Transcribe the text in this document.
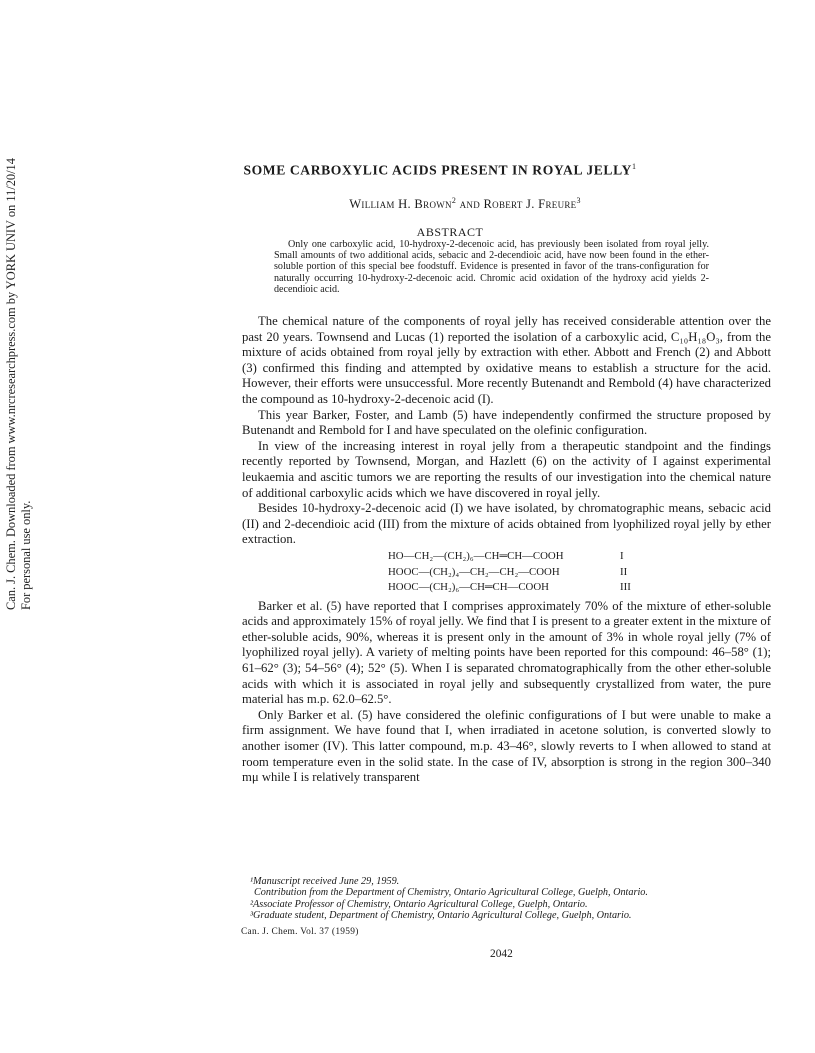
Can. J. Chem. Downloaded from www.nrcresearchpress.com by YORK UNIV on 11/20/14 For personal use only.
SOME CARBOXYLIC ACIDS PRESENT IN ROYAL JELLY$^1$
William H. Brown$^2$ and Robert J. Freure$^3$
ABSTRACT
Only one carboxylic acid, 10-hydroxy-2-decenoic acid, has previously been isolated from royal jelly. Small amounts of two additional acids, sebacic and 2-decendioic acid, have now been found in the ether-soluble portion of this special bee foodstuff. Evidence is presented in favor of the trans-configuration for naturally occurring 10-hydroxy-2-decenoic acid. Chromic acid oxidation of the hydroxy acid yields 2-decendioic acid.

The chemical nature of the components of royal jelly has received considerable attention over the past 20 years. Townsend and Lucas (1) reported the isolation of a carboxylic acid, C₁₀H₁₈O₃, from the mixture of acids obtained from royal jelly by extraction with ether. Abbott and French (2) and Abbott (3) confirmed this finding and attempted by oxidative means to establish a structure for the acid. However, their efforts were unsuccessful. More recently Butenandt and Rembold (4) have characterized the compound as 10-hydroxy-2-decenoic acid (I).

This year Barker, Foster, and Lamb (5) have independently confirmed the structure proposed by Butenandt and Rembold for I and have speculated on the olefinic configuration.

In view of the increasing interest in royal jelly from a therapeutic standpoint and the findings recently reported by Townsend, Morgan, and Hazlett (6) on the activity of I against experimental leukaemia and ascitic tumors we are reporting the results of our investigation into the chemical nature of additional carboxylic acids which we have discovered in royal jelly.

Besides 10-hydroxy-2-decenoic acid (I) we have isolated, by chromatographic means, sebacic acid (II) and 2-decendioic acid (III) from the mixture of acids obtained from lyophilized royal jelly by ether extraction.

HO—CH₂—(CH₂)₆—CH═CH—COOH	I
HOOC—(CH₂)₄—CH₂—CH₂—COOH	II
HOOC—(CH₂)₆—CH═CH—COOH	III

Barker et al. (5) have reported that I comprises approximately 70% of the mixture of ether-soluble acids and approximately 15% of royal jelly. We find that I is present to a greater extent in the mixture of ether-soluble acids, 90%, whereas it is present only in the amount of 3% in whole royal jelly (7% of lyophilized royal jelly). A variety of melting points have been reported for this compound: 46–58° (1); 61–62° (3); 54–56° (4); 52° (5). When I is separated chromatographically from the other ether-soluble acids with which it is associated in royal jelly and subsequently crystallized from water, the pure material has m.p. 62.0–62.5°.

Only Barker et al. (5) have considered the olefinic configurations of I but were unable to make a firm assignment. We have found that I, when irradiated in acetone solution, is converted slowly to another isomer (IV). This latter compound, m.p. 43–46°, slowly reverts to I when allowed to stand at room temperature even in the solid state. In the case of IV, absorption is strong in the region 300–340 mμ while I is relatively transparent

¹Manuscript received June 29, 1959.
Contribution from the Department of Chemistry, Ontario Agricultural College, Guelph, Ontario.
²Associate Professor of Chemistry, Ontario Agricultural College, Guelph, Ontario.
³Graduate student, Department of Chemistry, Ontario Agricultural College, Guelph, Ontario.
Can. J. Chem. Vol. 37 (1959)
2042
